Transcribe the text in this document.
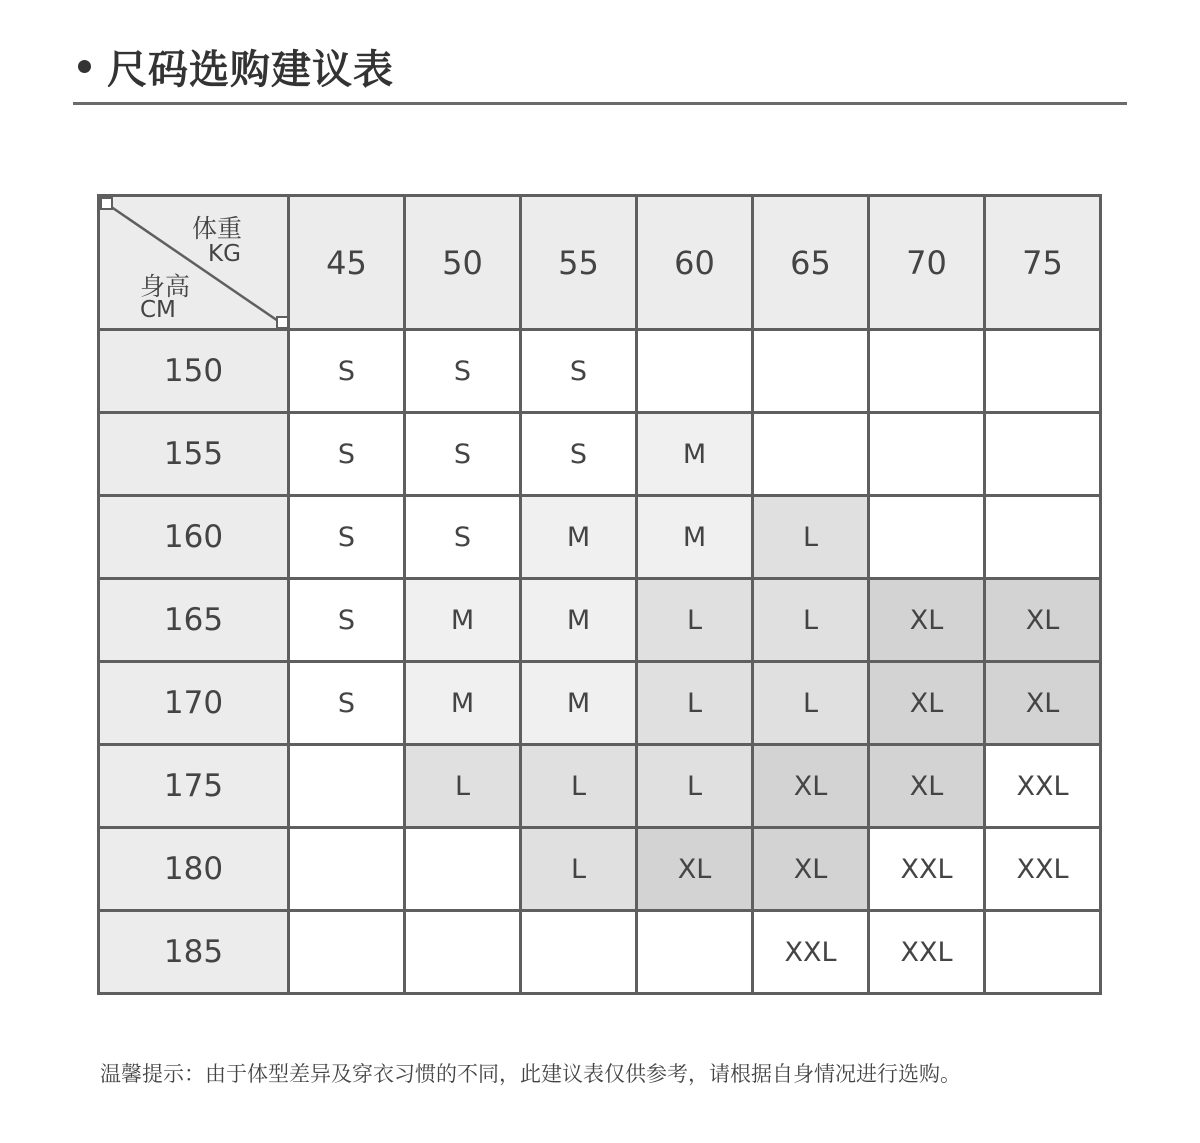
尺码选购建议表
体重
KG
身高
CM	45	50	55	60	65	70	75
150	S	S	S				
155	S	S	S	M			
160	S	S	M	M	L		
165	S	M	M	L	L	XL	XL
170	S	M	M	L	L	XL	XL
175		L	L	L	XL	XL	XXL
180			L	XL	XL	XXL	XXL
185					XXL	XXL	
温馨提示：由于体型差异及穿衣习惯的不同，此建议表仅供参考，请根据自身情况进行选购。
